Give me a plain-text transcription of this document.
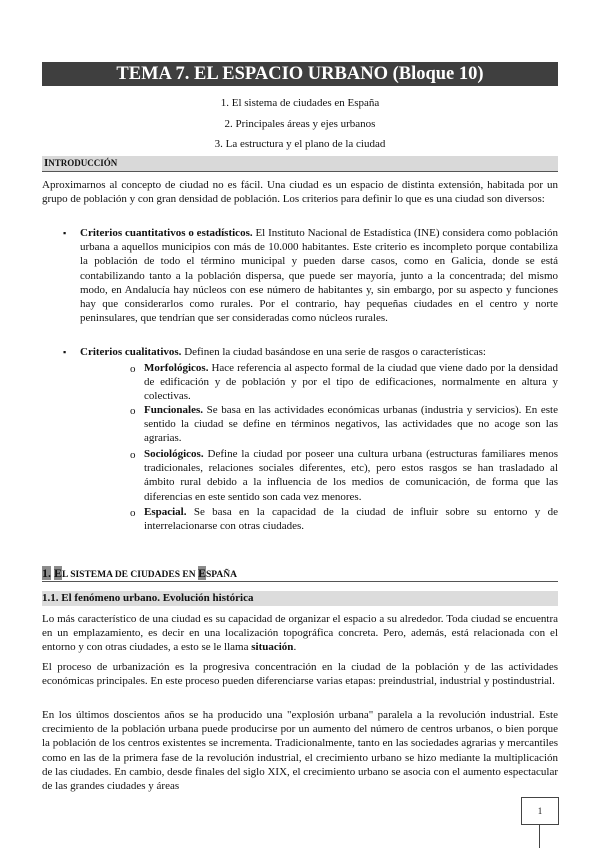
TEMA 7. EL ESPACIO URBANO (Bloque 10)
1. El sistema de ciudades en España
2. Principales áreas y ejes urbanos
3. La estructura y el plano de la ciudad
INTRODUCCIÓN

Aproximarnos al concepto de ciudad no es fácil. Una ciudad es un espacio de distinta extensión, habitada por un grupo de población y con gran densidad de población. Los criterios para definir lo que es una ciudad son diversos:

▪ Criterios cuantitativos o estadísticos. El Instituto Nacional de Estadística (INE) considera como población urbana a aquellos municipios con más de 10.000 habitantes. Este criterio es incompleto porque contabiliza la población de todo el término municipal y pueden darse casos, como en Galicia, donde se está contabilizando tanto a la población dispersa, que puede ser mayoría, junto a la concentrada; del mismo modo, en Andalucía hay núcleos con ese número de habitantes y, sin embargo, por su aspecto y funciones hay que considerarlos como rurales. Por el contrario, hay pequeñas ciudades en el centro y norte peninsulares, que tendrían que ser consideradas como núcleos rurales.

▪ Criterios cualitativos. Definen la ciudad basándose en una serie de rasgos o características:

o Morfológicos. Hace referencia al aspecto formal de la ciudad que viene dado por la densidad de edificación y de población y por el tipo de edificaciones, normalmente en altura y colectivas.

o Funcionales. Se basa en las actividades económicas urbanas (industria y servicios). En este sentido la ciudad se define en términos negativos, las actividades que no acoge son las agrarias.

o Sociológicos. Define la ciudad por poseer una cultura urbana (estructuras familiares menos tradicionales, relaciones sociales diferentes, etc), pero estos rasgos se han trasladado al ámbito rural debido a la influencia de los medios de comunicación, de forma que las diferencias en este sentido son cada vez menores.

o Espacial. Se basa en la capacidad de la ciudad de influir sobre su entorno y de interrelacionarse con otras ciudades.

1. EL SISTEMA DE CIUDADES EN ESPAÑA
1.1. El fenómeno urbano. Evolución histórica

Lo más característico de una ciudad es su capacidad de organizar el espacio a su alrededor. Toda ciudad se encuentra en un emplazamiento, es decir en una localización topográfica concreta. Pero, además, está relacionada con el entorno y con otras ciudades, a esto se le llama situación.

El proceso de urbanización es la progresiva concentración en la ciudad de la población y de las actividades económicas principales. En este proceso pueden diferenciarse varias etapas: preindustrial, industrial y postindustrial.

En los últimos doscientos años se ha producido una "explosión urbana" paralela a la revolución industrial. Este crecimiento de la población urbana puede producirse por un aumento del número de centros urbanos, o bien porque la población de los centros existentes se incrementa. Tradicionalmente, tanto en las sociedades agrarias y mercantiles como en las de la primera fase de la revolución industrial, el crecimiento urbano se hizo mediante la multiplicación de las ciudades. En cambio, desde finales del siglo XIX, el crecimiento urbano se asocia con el aumento espectacular de las grandes ciudades y áreas

1
